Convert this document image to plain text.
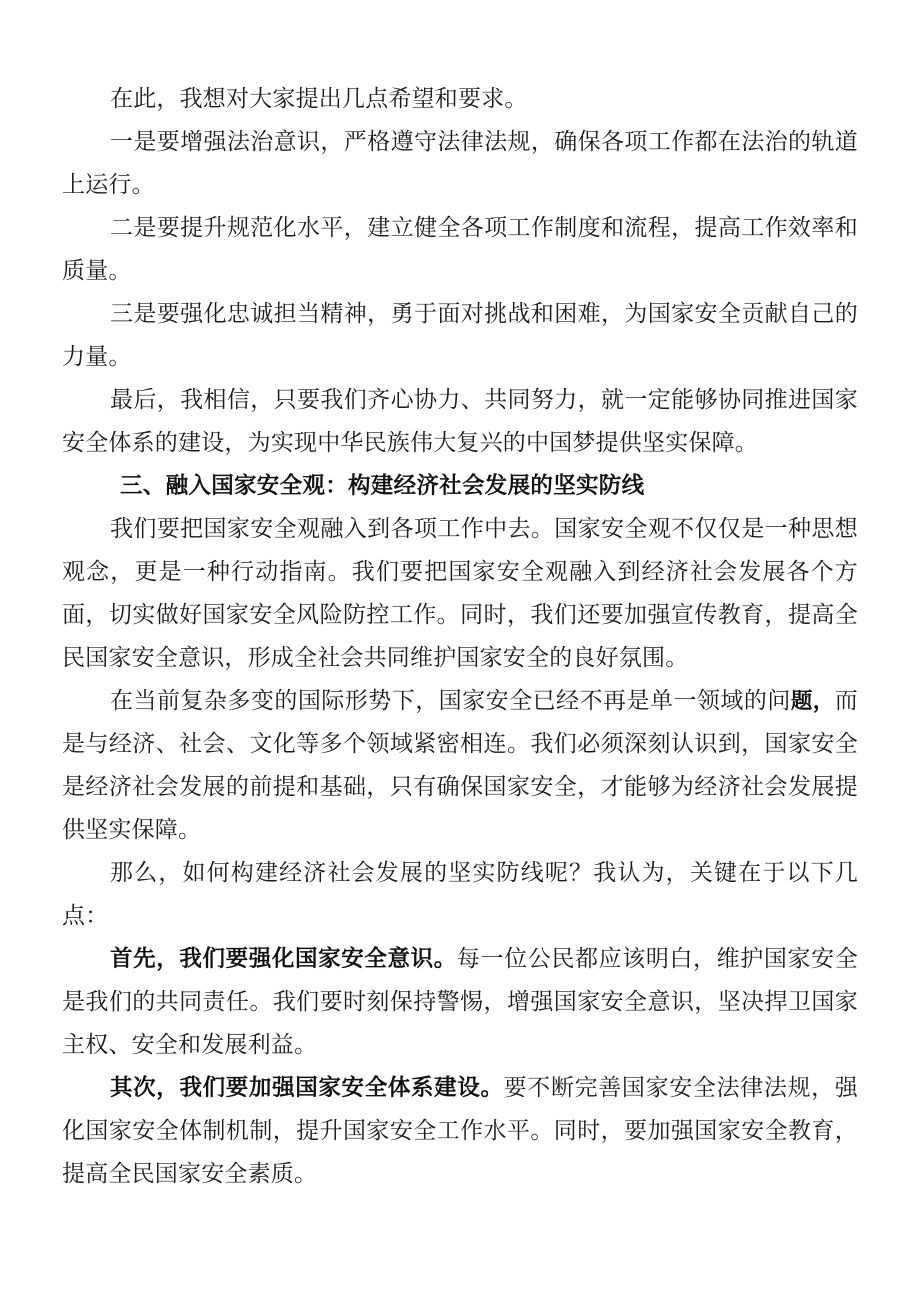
在此，我想对大家提出几点希望和要求。

一是要增强法治意识，严格遵守法律法规，确保各项工作都在法治的轨道上运行。

二是要提升规范化水平，建立健全各项工作制度和流程，提高工作效率和质量。

三是要强化忠诚担当精神，勇于面对挑战和困难，为国家安全贡献自己的力量。

最后，我相信，只要我们齐心协力、共同努力，就一定能够协同推进国家安全体系的建设，为实现中华民族伟大复兴的中国梦提供坚实保障。

三、融入国家安全观：构建经济社会发展的坚实防线

我们要把国家安全观融入到各项工作中去。国家安全观不仅仅是一种思想观念，更是一种行动指南。我们要把国家安全观融入到经济社会发展各个方面，切实做好国家安全风险防控工作。同时，我们还要加强宣传教育，提高全民国家安全意识，形成全社会共同维护国家安全的良好氛围。

在当前复杂多变的国际形势下，国家安全已经不再是单一领域的问题，而是与经济、社会、文化等多个领域紧密相连。我们必须深刻认识到，国家安全是经济社会发展的前提和基础，只有确保国家安全，才能够为经济社会发展提供坚实保障。

那么，如何构建经济社会发展的坚实防线呢？我认为，关键在于以下几点：

首先，我们要强化国家安全意识。每一位公民都应该明白，维护国家安全是我们的共同责任。我们要时刻保持警惕，增强国家安全意识，坚决捍卫国家主权、安全和发展利益。

其次，我们要加强国家安全体系建设。要不断完善国家安全法律法规，强化国家安全体制机制，提升国家安全工作水平。同时，要加强国家安全教育，提高全民国家安全素质。
